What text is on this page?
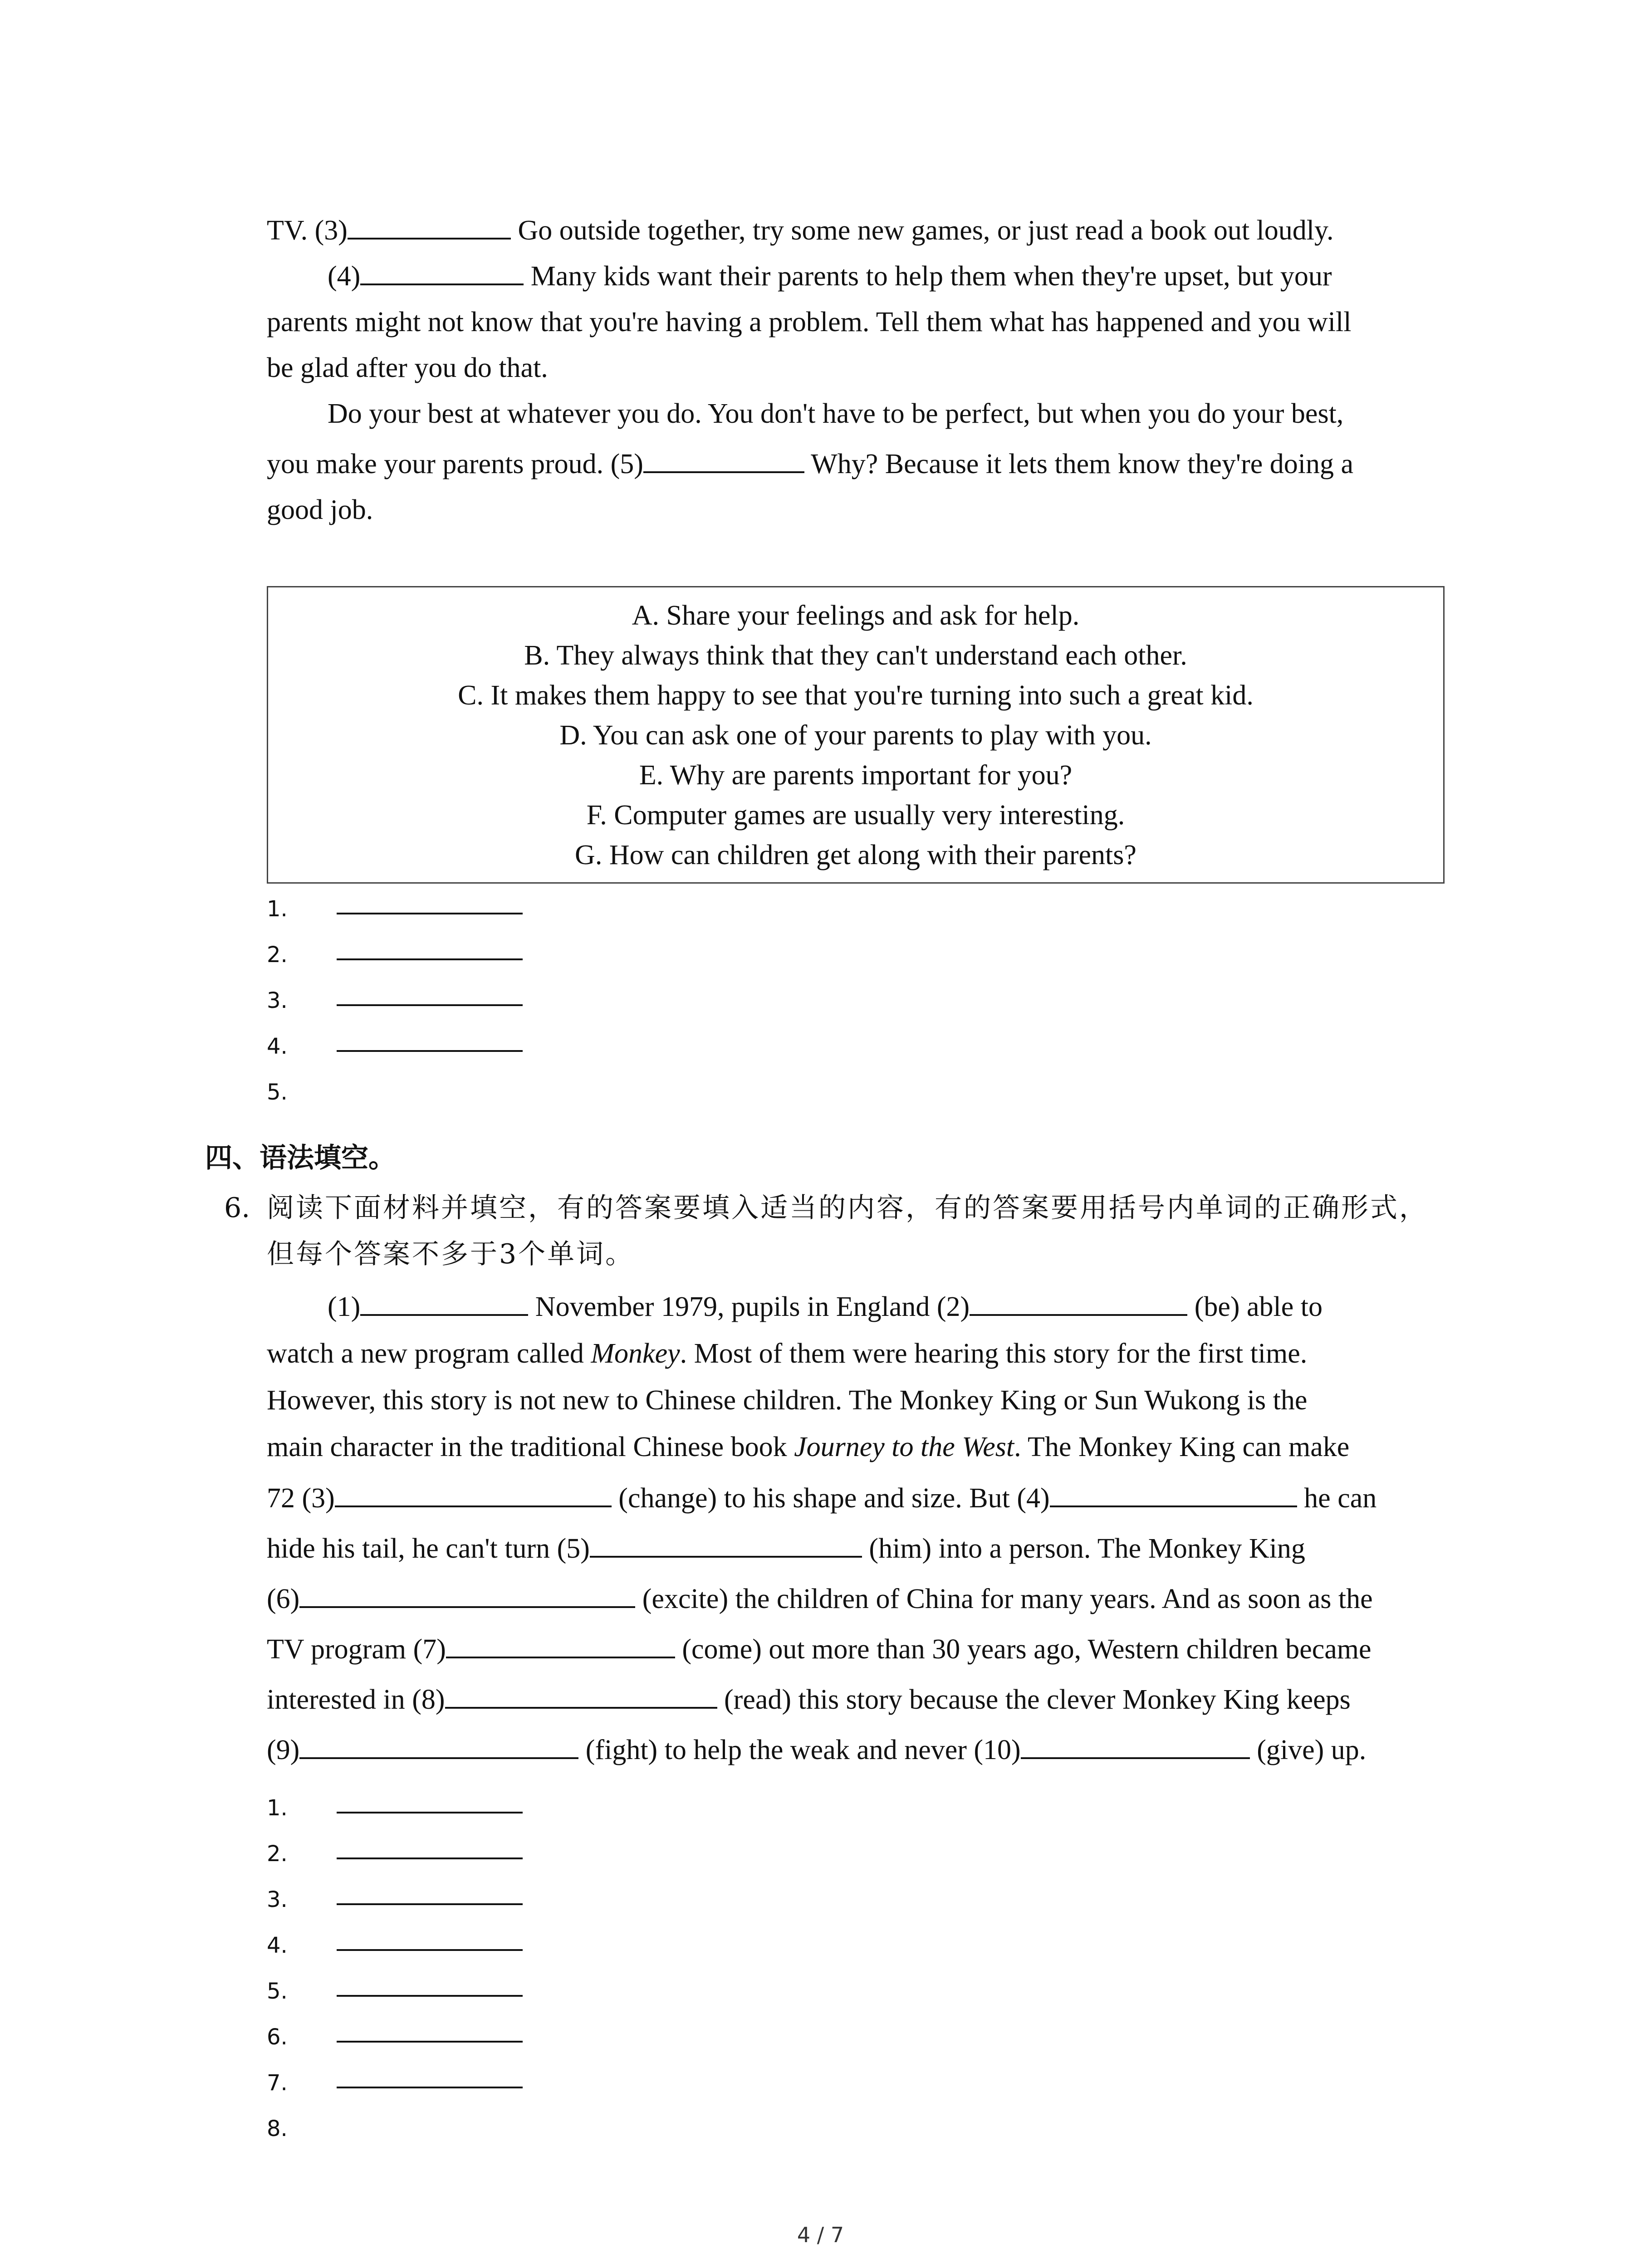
TV. (3)	Go outside together, try some new games, or just read a book out loudly.
(4)	Many kids want their parents to help them when they're upset, but your
parents might not know that you're having a problem. Tell them what has happened and you will
be glad after you do that.
Do your best at whatever you do. You don't have to be perfect, but when you do your best,
you make your parents proud. (5)	Why? Because it lets them know they're doing a
good job.
A. Share your feelings and ask for help.
B. They always think that they can't understand each other.
C. It makes them happy to see that you're turning into such a great kid.
D. You can ask one of your parents to play with you.
E. Why are parents important for you?
F. Computer games are usually very interesting.
G. How can children get along with their parents?
1.
2.
3.
4.
5.
四、语法填空。
6. 阅读下面材料并填空，有的答案要填入适当的内容，有的答案要用括号内单词的正确形式，但每个答案不多于3个单词。
(1)	November 1979, pupils in England (2)	(be) able to
watch a new program called Monkey. Most of them were hearing this story for the first time.
However, this story is not new to Chinese children. The Monkey King or Sun Wukong is the
main character in the traditional Chinese book Journey to the West. The Monkey King can make
72 (3)	(change) to his shape and size. But (4)	he can
hide his tail, he can't turn (5)	(him) into a person. The Monkey King
(6)	(excite) the children of China for many years. And as soon as the
TV program (7)	(come) out more than 30 years ago, Western children became
interested in (8)	(read) this story because the clever Monkey King keeps
(9)	(fight) to help the weak and never (10)	(give) up.
1.
2.
3.
4.
5.
6.
7.
8.
4 / 7
